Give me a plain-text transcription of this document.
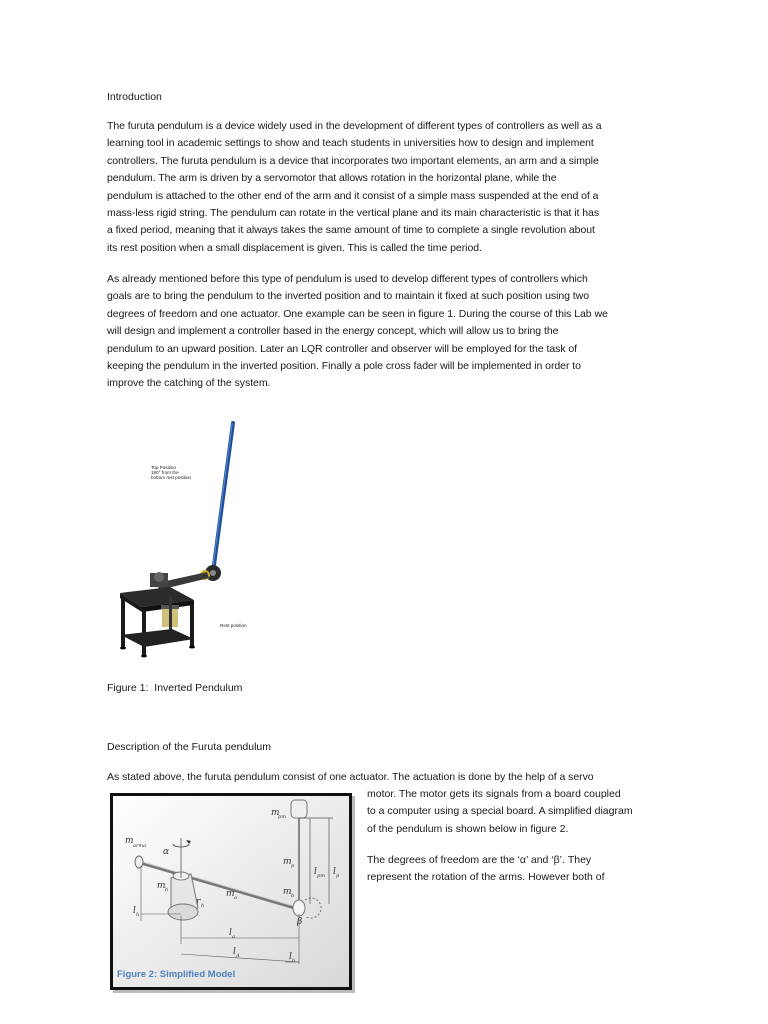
Introduction
The furuta pendulum is a device widely used in the development of different types of controllers as well as a
learning tool in academic settings to show and teach students in universities how to design and implement
controllers. The furuta pendulum is a device that incorporates two important elements, an arm and a simple
pendulum. The arm is driven by a servomotor that allows rotation in the horizontal plane, while the
pendulum is attached to the other end of the arm and it consist of a simple mass suspended at the end of a
mass-less rigid string. The pendulum can rotate in the vertical plane and its main characteristic is that it has
a fixed period, meaning that it always takes the same amount of time to complete a single revolution about
its rest position when a small displacement is given. This is called the time period.
As already mentioned before this type of pendulum is used to develop different types of controllers which
goals are to bring the pendulum to the inverted position and to maintain it fixed at such position using two
degrees of freedom and one actuator. One example can be seen in figure 1. During the course of this Lab we
will design and implement a controller based in the energy concept, which will allow us to bring the
pendulum to an upward position. Later an LQR controller and observer will be employed for the task of
keeping the pendulum in the inverted position. Finally a pole cross fader will be implemented in order to
improve the catching of the system.
Top Position
180° from the
bottom rest position
Rest position
Figure 1:  Inverted Pendulum
Description of the Furuta pendulum
As stated above, the furuta pendulum consist of one actuator. The actuation is done by the help of a servo
motor. The motor gets its signals from a board coupled
to a computer using a special board. A simplified diagram
of the pendulum is shown below in figure 2.
The degrees of freedom are the ‘α’ and ‘β’. They
represent the rotation of the arms. However both of
m
pm
m arma
α
m p
l pm l p
m h
r h
m a
m b
β
l h
l a
l A	l b
Figure 2: Simplified Model
